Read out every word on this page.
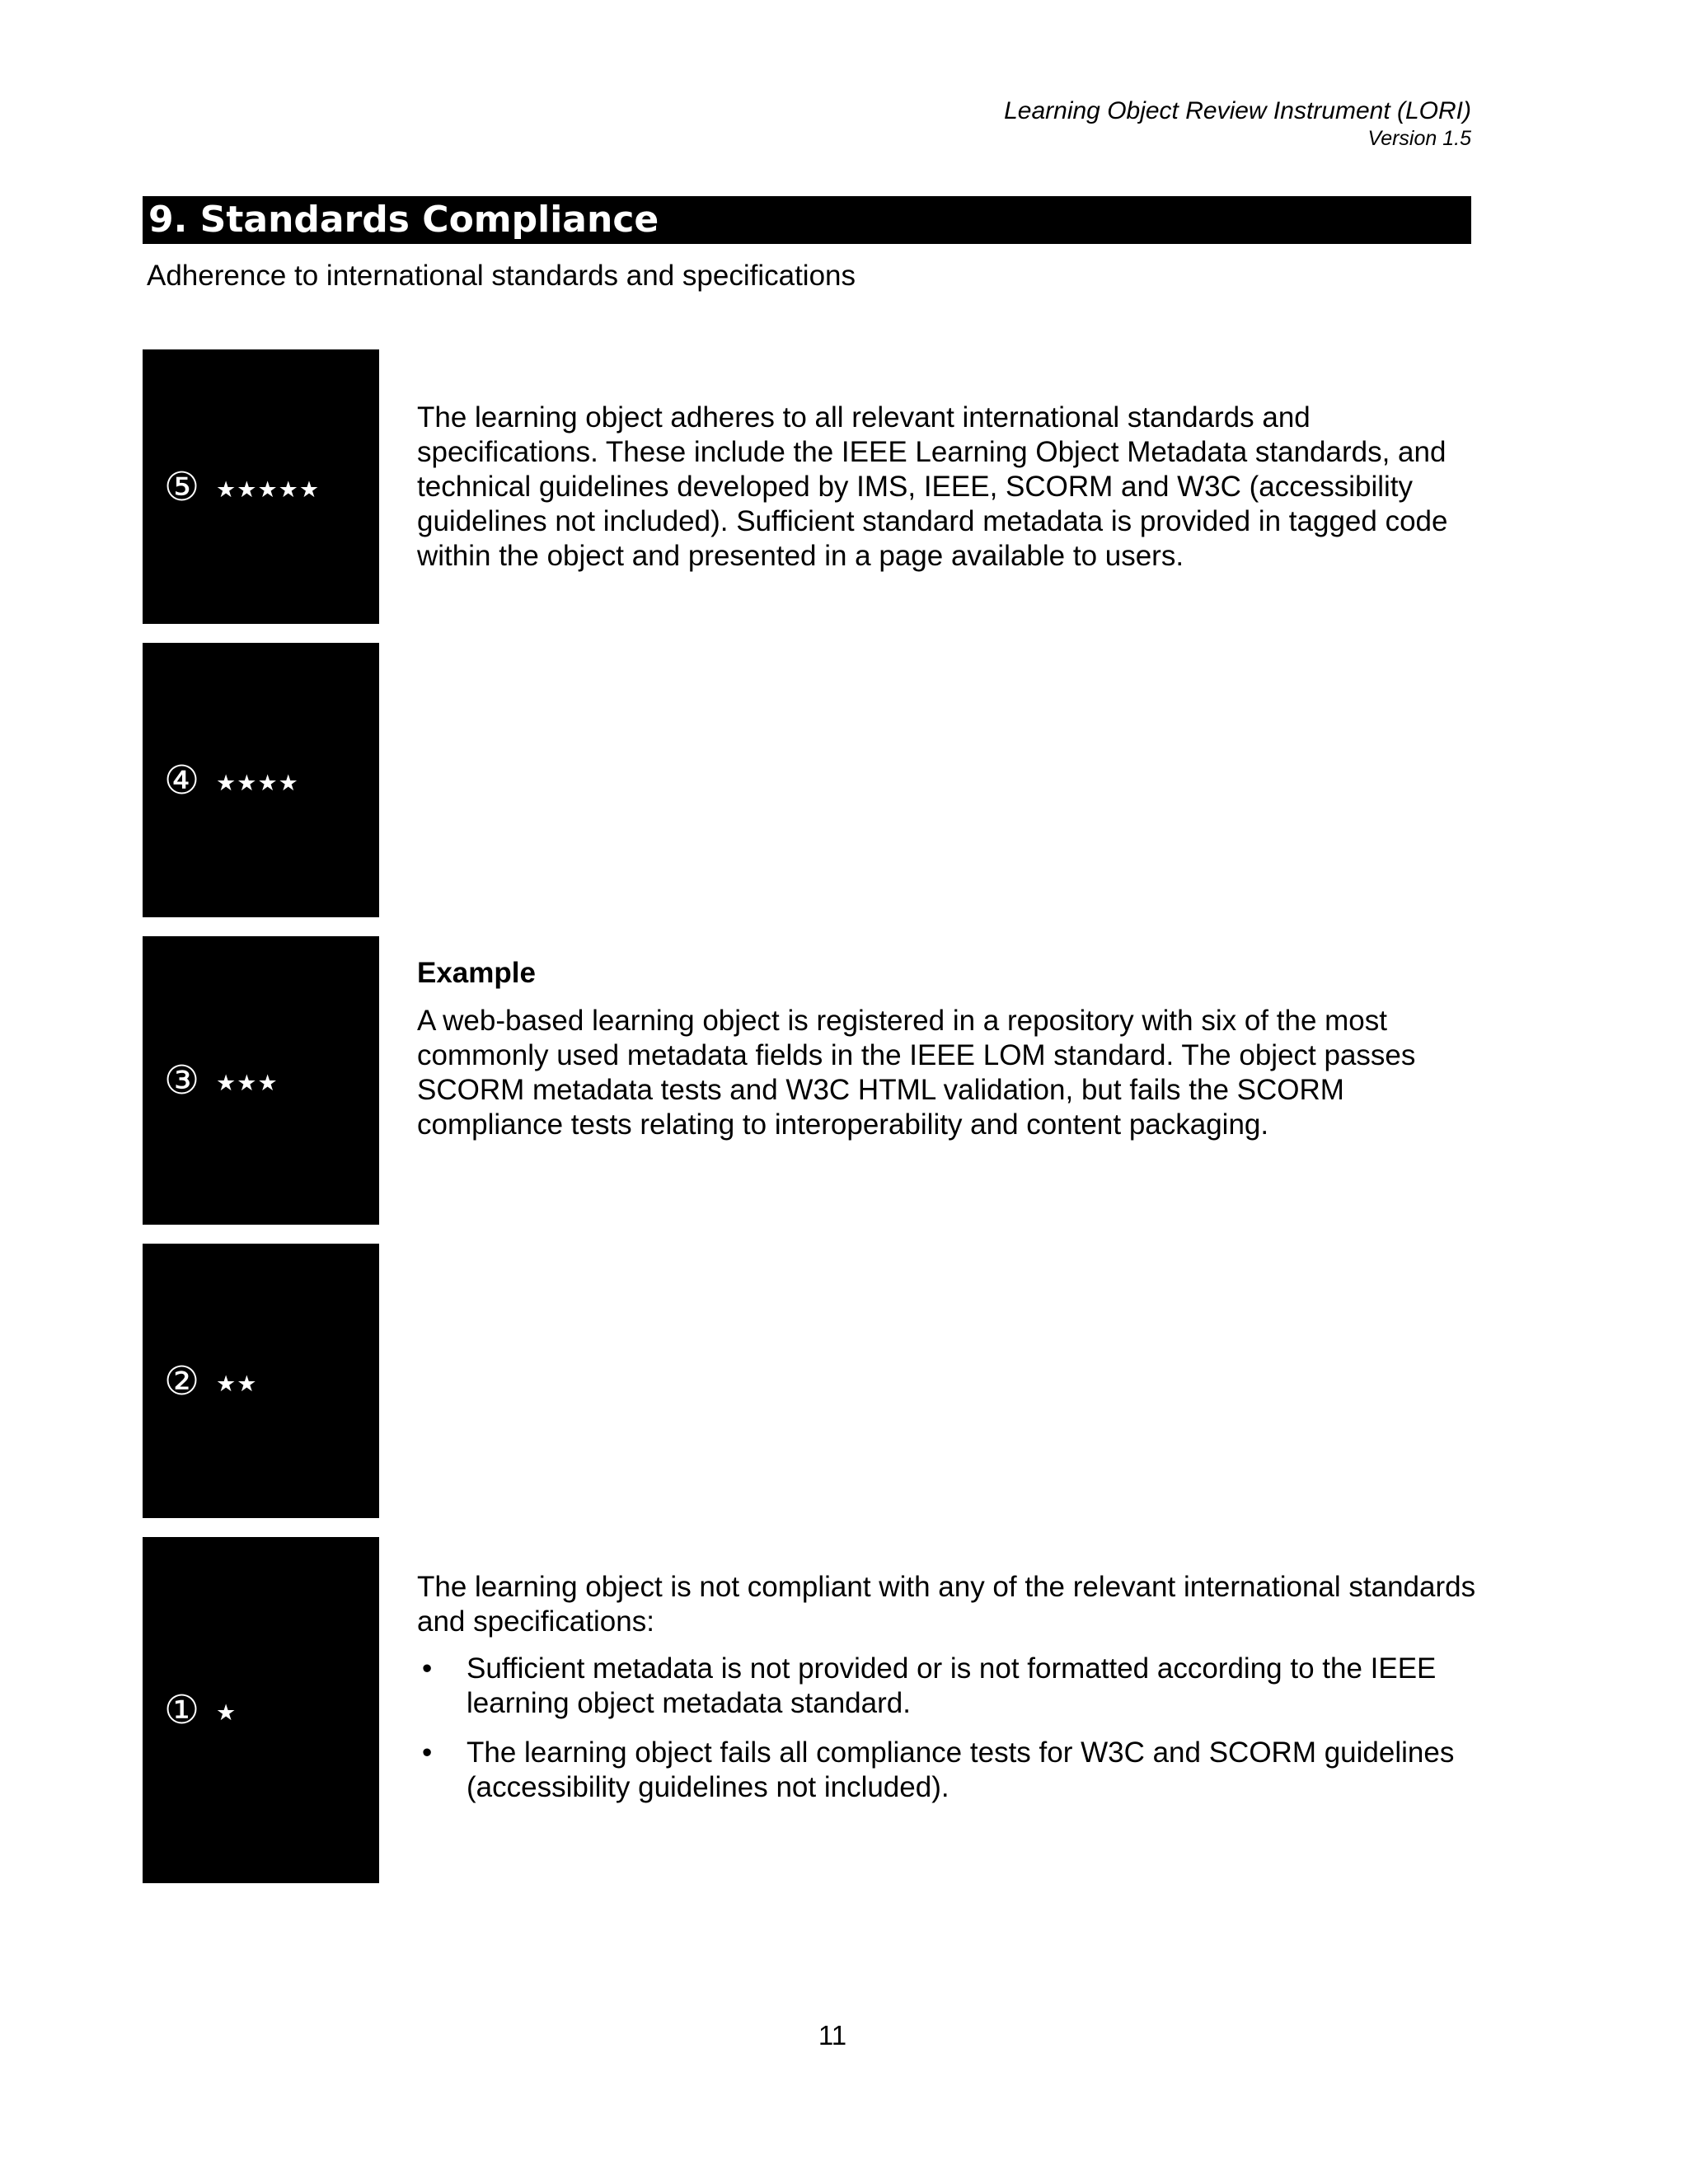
Learning Object Review Instrument (LORI)
Version 1.5
9. Standards Compliance
Adherence to international standards and specifications
⑤ ★★★★★
④ ★★★★
③ ★★★
② ★★
① ★
The learning object adheres to all relevant international standards and specifications. These include the IEEE Learning Object Metadata standards, and technical guidelines developed by IMS, IEEE, SCORM and W3C (accessibility guidelines not included). Sufficient standard metadata is provided in tagged code within the object and presented in a page available to users.
Example
A web-based learning object is registered in a repository with six of the most commonly used metadata fields in the IEEE LOM standard. The object passes SCORM metadata tests and W3C HTML validation, but fails the SCORM compliance tests relating to interoperability and content packaging.
The learning object is not compliant with any of the relevant international standards and specifications:
• Sufficient metadata is not provided or is not formatted according to the IEEE learning object metadata standard.
• The learning object fails all compliance tests for W3C and SCORM guidelines (accessibility guidelines not included).
11
